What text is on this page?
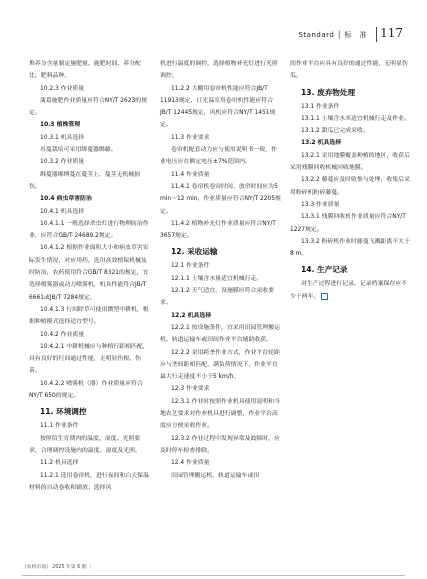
Standard │ 标　准 117

堆养分含量制定施肥量、施肥时间、养分配比、肥料品种。

10.2.3 作业质量

蒲葛施肥作业质量应符合NY/T 2623的规定。

10.3 植株管理

10.3.1 机具选择

吊蔓栽培可采用绑蔓器绑藤。

10.3.2 作业质量

绑蔓器绑缚蔓在蔓茎上，蔓茎无机械损伤。

10.4 病虫草害防治

10.4.1 机具选择

10.4.1.1 一般选择杀虫灯进行物理防治作业，应符合GB/T 24689.2规定。

10.4.1.2 根据作业面积大小和病虫草害实际发生情况，对应用药，选用高效植保机械及时防治，农药使用符合GB/T 8321的规定，宜选择喷雾器或动力喷雾机，机具性能符合JB/T 6661或JB/T 7284规定。

10.4.1.3 行间除草可使用微型中耕机，根据种植模式选择适宜型号。

10.4.2 作业质量

10.4.2.1 中耕机械应与种植行距相匹配，具有良好的行间通过性能，无明显伤根、伤苗。

10.4.2.2 喷雾机（器）作业质量应符合NY/T 650的规定。

11. 环境调控

11.1 作业条件

按照信生育期内的温度、湿度、光照要求，合理调控设施内的温度、湿度及光照。

11.2 机具选择

11.2.1 选用卷帘机，进行夜间和白天保温材料的自动卷收和铺放；选择风

机进行温度的调控，选择植物补光灯进行光照调控。

11.2.2 大棚用卷帘机性能应符合JB/T 11913规定，日光温室用卷帘机性能应符合JB/T 12445规定，风机应符合NY/T 1451规定。

11.3 作业要求

卷帘机配套动力应与使用说明书一致，作业电压应在额定电压±7%范围内。

11.4 作业质量

11.4.1 卷帘机卷帘时间、放帘时间应为5 min～12 min，作业质量应符合NY/T 2205规定。

11.4.2 植物补光灯作业质量应符合NY/T 3657规定。

12. 采收运输

12.1 作业条件

12.1.1 土壤含水量适宜机械行走。

12.1.2 天气适宜，设施膜应符合采收要求。

12.2 机具选择

12.2.1 按设施条件，宜采用田园管理搬运机、轨道运输车或田间作业平台辅助收获。

12.2.2 采用跨垄作业方式，作业平台轮距应与垄间距相匹配，满负荷情况下，作业平台最大行走速度不小于5 km/h。

12.3 作业要求

12.3.1 作业时按照作业机具使用说明和当地农艺要求对作业机具进行调整，作业平台高度应方便采收作业。

12.3.2 作业过程中发现异常及故障时，应及时停车检查排除。

12.4 作业质量

田园管理搬运机、轨道运输车或田

间作业平台应具有良好的通过性能，无明显伤瓜。

13. 废弃物处理

13.1 作业条件

13.1.1 土壤含水率适宜机械行走及作业。

13.1.2 甜瓜已完成采收。

13.2 机具选择

13.2.1 采用地膜覆盖种植的地区，收获后采用残膜回收机械回收地膜。

13.2.2 藤蔓应及时收集与处理，收集后采用粉碎机粉碎藤蔓。

13.3 作业质量

13.3.1 残膜回收机作业质量应符合NY/T 1227规定。

13.3.2 粉碎机作业时藤蔓飞溅距离不大于8 m。

14. 生产记录

对生产过程进行记录，记录档案保存应不少于两年。

《农机市场》 2025 年第 6 期 ｜
